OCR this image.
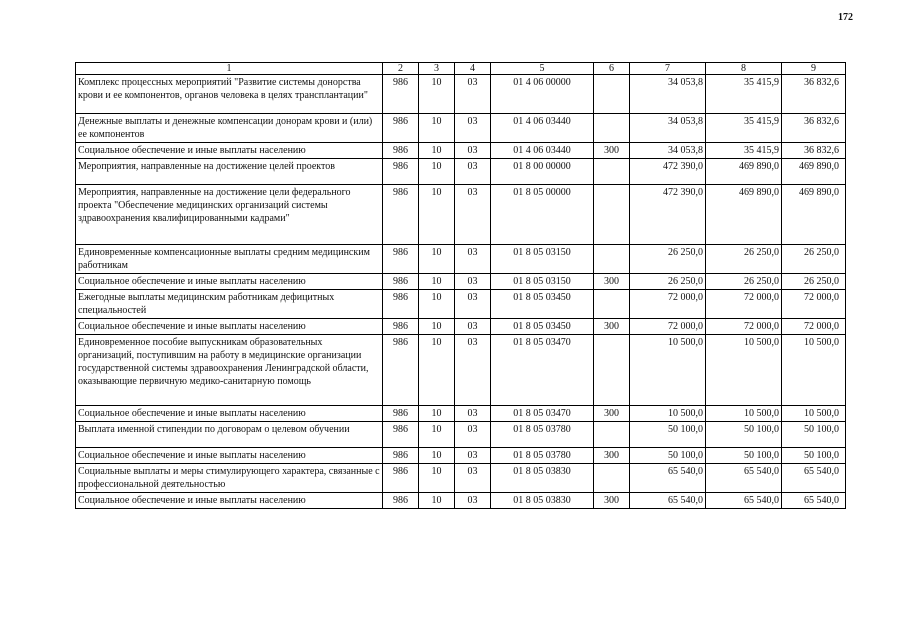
172
1	2	3	4	5	6	7	8	9
Комплекс процессных мероприятий "Развитие системы донорства крови и ее компонентов, органов человека в целях трансплантации"	986	10	03	01 4 06 00000		34 053,8	35 415,9	36 832,6
Денежные выплаты и денежные компенсации донорам крови и (или) ее компонентов	986	10	03	01 4 06 03440		34 053,8	35 415,9	36 832,6
Социальное обеспечение и иные выплаты населению	986	10	03	01 4 06 03440	300	34 053,8	35 415,9	36 832,6
Мероприятия, направленные на достижение целей проектов	986	10	03	01 8 00 00000		472 390,0	469 890,0	469 890,0
Мероприятия, направленные на достижение цели федерального проекта "Обеспечение медицинских организаций системы здравоохранения квалифицированными кадрами"	986	10	03	01 8 05 00000		472 390,0	469 890,0	469 890,0
Единовременные компенсационные выплаты средним медицинским работникам	986	10	03	01 8 05 03150		26 250,0	26 250,0	26 250,0
Социальное обеспечение и иные выплаты населению	986	10	03	01 8 05 03150	300	26 250,0	26 250,0	26 250,0
Ежегодные выплаты медицинским работникам дефицитных специальностей	986	10	03	01 8 05 03450		72 000,0	72 000,0	72 000,0
Социальное обеспечение и иные выплаты населению	986	10	03	01 8 05 03450	300	72 000,0	72 000,0	72 000,0
Единовременное пособие выпускникам образовательных организаций, поступившим на работу в медицинские организации государственной системы здравоохранения Ленинградской области, оказывающие первичную медико-санитарную помощь	986	10	03	01 8 05 03470		10 500,0	10 500,0	10 500,0
Социальное обеспечение и иные выплаты населению	986	10	03	01 8 05 03470	300	10 500,0	10 500,0	10 500,0
Выплата именной стипендии по договорам о целевом обучении	986	10	03	01 8 05 03780		50 100,0	50 100,0	50 100,0
Социальное обеспечение и иные выплаты населению	986	10	03	01 8 05 03780	300	50 100,0	50 100,0	50 100,0
Социальные выплаты и меры стимулирующего характера, связанные с профессиональной деятельностью	986	10	03	01 8 05 03830		65 540,0	65 540,0	65 540,0
Социальное обеспечение и иные выплаты населению	986	10	03	01 8 05 03830	300	65 540,0	65 540,0	65 540,0
